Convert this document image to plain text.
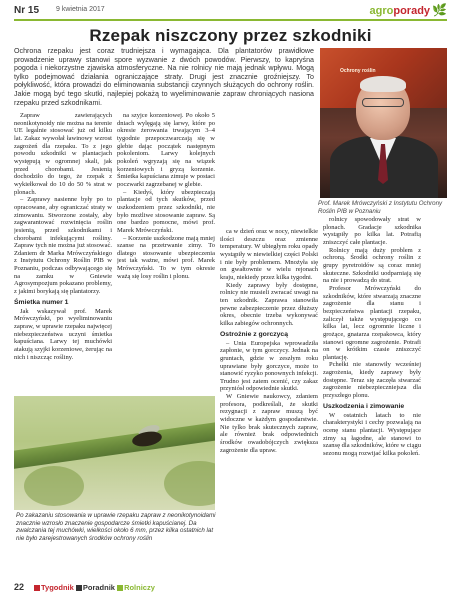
Nr 15 9 kwietnia 2017	agroporady 🌿
Rzepak niszczony przez szkodniki

Ochrona rzepaku jest coraz trudniejsza i wymagająca. Dla plantatorów prawidłowe prowadzenie uprawy stanowi spore wyzwanie z dwóch powodów. Pierwszy, to kapryśna pogoda i niekorzystne zjawiska atmosferyczne. Na nie rolnicy nie mają jednak wpływu. Mogą tylko podejmować działania ograniczające straty. Drugi jest znacznie groźniejszy. To połykliwość, która prowadzi do eliminowania substancji czynnych służących do ochrony roślin. Jakie mogą być tego skutki, najlepiej pokażą to wyeliminowanie zapraw chroniących nasiona rzepaku przed szkodnikami.

Ochrony roślin
Prof. Marek Mrówczyński z Instytutu Ochrony Roślin PIB w Poznaniu

Zapraw zawierających neonikotynoidy nie można na terenie UE legalnie stosować już od kilku lat. Zakaz wywołał ławinowy wzrost zagrożeń dla rzepaku. To z jego powodu szkodniki w plantacjach występują w ogromnej skali, jak przed chorobami. Jesienią dochodziło do tego, że rzepak z wykiełkował do 10 do 50 % strat w plonach.

– Zaprawy nasienne były po to opracowane, aby ograniczać straty w zimowaniu. Stworzone zostały, aby zagwarantować rozwinięcia roślin jesienią, przed szkodnikami i chorobami infekującymi rośliny. Zapraw tych nie można już stosować. Zdaniem dr Marka Mrówczyńskiego z Instytutu Ochrony Roślin PIB w Poznaniu, podczas odbywającego się na zamku w Gniewie Agrosympozjum pokazano problemy, z jakimi borykają się plantatorzy.

Śmietka numer 1

Jak wskazywał prof. Marek Mrówczyński, po wyeliminowaniu zapraw, w uprawie rzepaku najwięcej niebezpieczeństwa uczyni śmietka kapuściana. Larwy tej muchówki atakują szyjki korzeniowe, żerując na nich i niszcząc rośliny.

na szyjce korzeniowej. Po około 5 dniach wylęgają się larwy, które po okresie żerowania trwającym 3–4 tygodnie przepoczwarczają się w glebie dając początek następnym pokoleniom. Larwy kolejnych pokoleń wgryzają się na wiązek korzeniowych i gryzą korzenie. Śmietka kapuściana zimuje w postaci poczwarki zagrzebanej w glebie.

– Kiedyś, który ubezpieczają plantacje od tych skutków, przed uszkodzeniem przez szkodniki, nie było możliwe stosowanie zapraw. Są one bardzo pomocne, mówi prof. Marek Mrówczyński.

– Korzenie uszkodzone mają mniej szanse na przetrwanie zimy. To dlatego stosowanie ubezpieczenia jest tak ważne, mówi prof. Marek Mrówczyński. To w tym okresie ważą się losy roślin i plonu.

ca w dzień oraz w nocy, niewielkie ilości deszczu oraz zmienne temperatury. W ubiegłym roku opady wystąpiły w niewielkiej części Polski i nie były problemem. Mnożyła się on gwałtownie w wielu rejonach kraju, niekiedy przez kilka tygodni.

Kiedy zaprawy były dostępne, rolnicy nie musieli zwracać uwagi na ten szkodnik. Zaprawa stanowiła pewne zabezpieczenie przez dłuższy okres, obecnie trzeba wykonywać kilka zabiegów ochronnych.

Ostrożnie z gorczycą

– Unia Europejska wprowadziła zapłonie, w tym gorczycy. Jednak na gruntach, gdzie w zeszłym roku uprawiane były gorczyce, może to stanowić ryzyko ponownych infekcji. Trudno jest zatem ocenić, czy zakaz przyniósł odpowiednie skutki.

W Gniewie naukowcy, zdaniem profesora, podkreślali, że skutki rezygnacji z zapraw muszą być widoczne w każdym gospodarstwie. Nie tylko brak skutecznych zapraw, ale również brak odpowiednich środków owadobójczych zwiększa zagrożenie dla upraw.

rolnicy spowodowały strat w plonach. Gradacje szkodnika wystąpiły po kilka lat. Potrafią zniszczyć całe plantacje.

Rolnicy mają duży problem z ochroną. Środki ochrony roślin z grupy pyretroidów są coraz mniej skuteczne. Szkodniki uodparniają się na nie i prowadzą do strat.

Profesor Mrówczyński do szkodników, które stwarzają znaczne zagrożenie dla stanu i bezpieczeństwa plantacji rzepaku, zaliczył także występującego co kilka lat, lecz ogromnie liczne i grożące, gnatarza rzepakowca, który stanowi ogromne zagrożenie. Potrafi on w krótkim czasie zniszczyć plantację.

Pchełki nie stanowiły wcześniej zagrożenia, kiedy zaprawy były dostępne. Teraz się zaczęła stwarzać zagrożenie niebezpieczniejsza dla przyszłego plonu.

Uszkodzenia i zimowanie

W ostatnich latach to nie charakterystyki i cechy pozwalają na ocenę stanu plantacji. Występujące zimy są łagodne, ale stanowi to szansę dla szkodników, które w ciągu sezonu mogą rozwijać kilka pokoleń.

Po zakazaniu stosowania w uprawie rzepaku zapraw z neonikotynoidami znacznie wzrosło znaczenie gospodarcze śmietki kapuścianej. Da zwalczania tej muchówki, wielkości około 6 mm, przez kilka ostatnich lat nie było zarejestrowanych środków ochrony roślin
22	Tygodnik Poradnik Rolniczy
